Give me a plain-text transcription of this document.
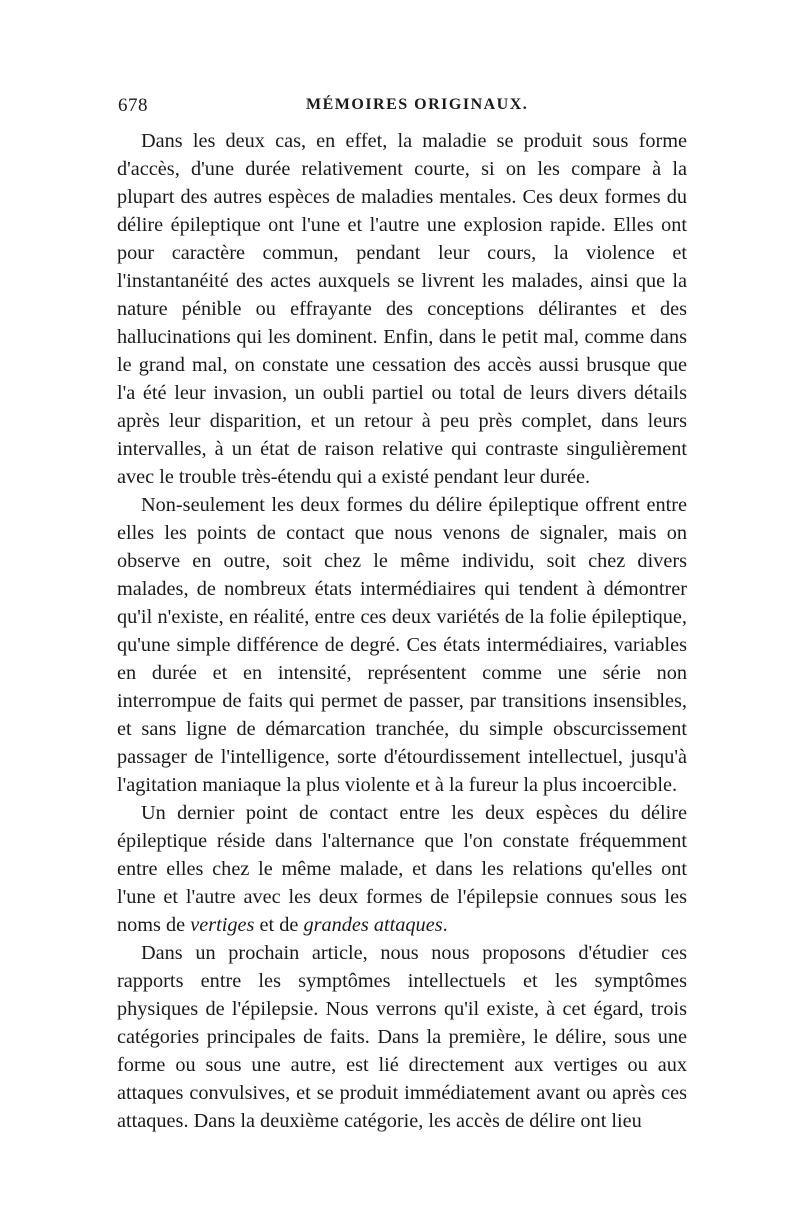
678	MÉMOIRES ORIGINAUX.

Dans les deux cas, en effet, la maladie se produit sous forme d'accès, d'une durée relativement courte, si on les compare à la plupart des autres espèces de maladies mentales. Ces deux formes du délire épileptique ont l'une et l'autre une explosion rapide. Elles ont pour caractère commun, pendant leur cours, la violence et l'instantanéité des actes auxquels se livrent les malades, ainsi que la nature pénible ou effrayante des conceptions délirantes et des hallucinations qui les dominent. Enfin, dans le petit mal, comme dans le grand mal, on constate une cessation des accès aussi brusque que l'a été leur invasion, un oubli partiel ou total de leurs divers détails après leur disparition, et un retour à peu près complet, dans leurs intervalles, à un état de raison relative qui contraste singulièrement avec le trouble très-étendu qui a existé pendant leur durée.

Non-seulement les deux formes du délire épileptique offrent entre elles les points de contact que nous venons de signaler, mais on observe en outre, soit chez le même individu, soit chez divers malades, de nombreux états intermédiaires qui tendent à démontrer qu'il n'existe, en réalité, entre ces deux variétés de la folie épileptique, qu'une simple différence de degré. Ces états intermédiaires, variables en durée et en intensité, représentent comme une série non interrompue de faits qui permet de passer, par transitions insensibles, et sans ligne de démarcation tranchée, du simple obscurcissement passager de l'intelligence, sorte d'étourdissement intellectuel, jusqu'à l'agitation maniaque la plus violente et à la fureur la plus incoercible.

Un dernier point de contact entre les deux espèces du délire épileptique réside dans l'alternance que l'on constate fréquemment entre elles chez le même malade, et dans les relations qu'elles ont l'une et l'autre avec les deux formes de l'épilepsie connues sous les noms de vertiges et de grandes attaques.

Dans un prochain article, nous nous proposons d'étudier ces rapports entre les symptômes intellectuels et les symptômes physiques de l'épilepsie. Nous verrons qu'il existe, à cet égard, trois catégories principales de faits. Dans la première, le délire, sous une forme ou sous une autre, est lié directement aux vertiges ou aux attaques convulsives, et se produit immédiatement avant ou après ces attaques. Dans la deuxième catégorie, les accès de délire ont lieu
